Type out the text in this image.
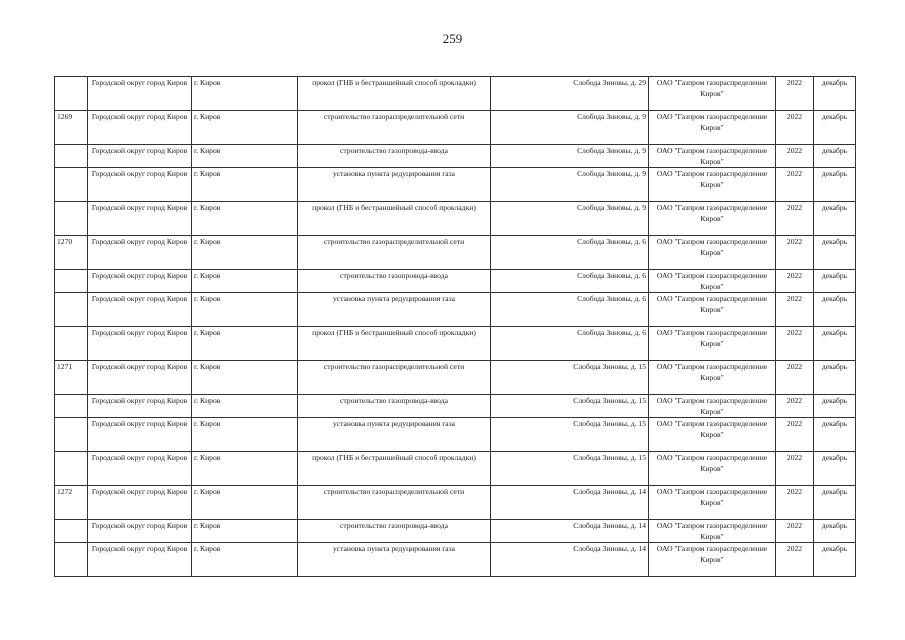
259
	Городской округ город Киров	г. Киров	прокол (ГНБ и бестраншейный способ прокладки)	Слобода Зиновы, д. 29	ОАО "Газпром газораспределение Киров"	2022	декабрь
1269	Городской округ город Киров	г. Киров	строительство газораспределительной сети	Слобода Зиновы, д. 9	ОАО "Газпром газораспределение Киров"	2022	декабрь
	Городской округ город Киров	г. Киров	строительство газопровода-ввода	Слобода Зиновы, д. 9	ОАО "Газпром газораспределение Киров"	2022	декабрь
	Городской округ город Киров	г. Киров	установка пункта редуцирования газа	Слобода Зиновы, д. 9	ОАО "Газпром газораспределение Киров"	2022	декабрь
	Городской округ город Киров	г. Киров	прокол (ГНБ и бестраншейный способ прокладки)	Слобода Зиновы, д. 9	ОАО "Газпром газораспределение Киров"	2022	декабрь
1270	Городской округ город Киров	г. Киров	строительство газораспределительной сети	Слобода Зиновы, д. 6	ОАО "Газпром газораспределение Киров"	2022	декабрь
	Городской округ город Киров	г. Киров	строительство газопровода-ввода	Слобода Зиновы, д. 6	ОАО "Газпром газораспределение Киров"	2022	декабрь
	Городской округ город Киров	г. Киров	установка пункта редуцирования газа	Слобода Зиновы, д. 6	ОАО "Газпром газораспределение Киров"	2022	декабрь
	Городской округ город Киров	г. Киров	прокол (ГНБ и бестраншейный способ прокладки)	Слобода Зиновы, д. 6	ОАО "Газпром газораспределение Киров"	2022	декабрь
1271	Городской округ город Киров	г. Киров	строительство газораспределительной сети	Слобода Зиновы, д. 15	ОАО "Газпром газораспределение Киров"	2022	декабрь
	Городской округ город Киров	г. Киров	строительство газопровода-ввода	Слобода Зиновы, д. 15	ОАО "Газпром газораспределение Киров"	2022	декабрь
	Городской округ город Киров	г. Киров	установка пункта редуцирования газа	Слобода Зиновы, д. 15	ОАО "Газпром газораспределение Киров"	2022	декабрь
	Городской округ город Киров	г. Киров	прокол (ГНБ и бестраншейный способ прокладки)	Слобода Зиновы, д. 15	ОАО "Газпром газораспределение Киров"	2022	декабрь
1272	Городской округ город Киров	г. Киров	строительство газораспределительной сети	Слобода Зиновы, д. 14	ОАО "Газпром газораспределение Киров"	2022	декабрь
	Городской округ город Киров	г. Киров	строительство газопровода-ввода	Слобода Зиновы, д. 14	ОАО "Газпром газораспределение Киров"	2022	декабрь
	Городской округ город Киров	г. Киров	установка пункта редуцирования газа	Слобода Зиновы, д. 14	ОАО "Газпром газораспределение Киров"	2022	декабрь
